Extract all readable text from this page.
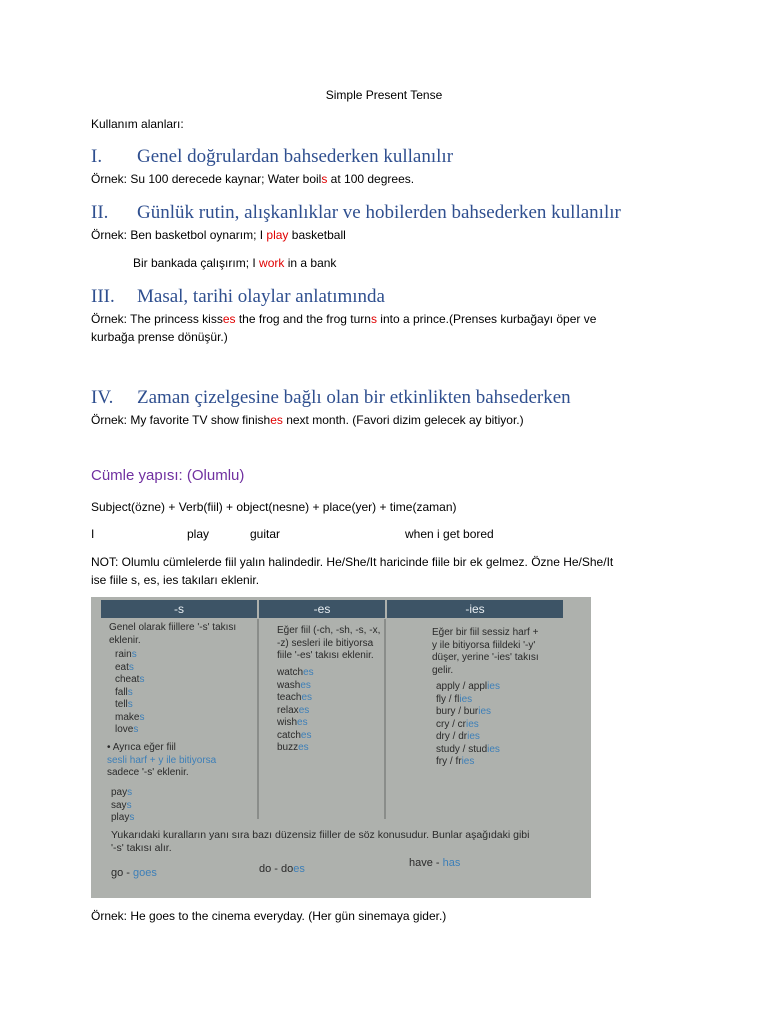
Simple Present Tense
Kullanım alanları:
I. Genel doğrulardan bahsederken kullanılır
Örnek: Su 100 derecede kaynar; Water boils at 100 degrees.
II. Günlük rutin, alışkanlıklar ve hobilerden bahsederken kullanılır
Örnek: Ben basketbol oynarım; I play basketball
Bir bankada çalışırım; I work in a bank
III. Masal, tarihi olaylar anlatımında
Örnek: The princess kisses the frog and the frog turns into a prince.(Prenses kurbağayı öper ve
kurbağa prense dönüşür.)
IV. Zaman çizelgesine bağlı olan bir etkinlikten bahsederken
Örnek: My favorite TV show finishes next month. (Favori dizim gelecek ay bitiyor.)
Cümle yapısı: (Olumlu)
Subject(özne) + Verb(fiil) + object(nesne) + place(yer) + time(zaman)
I	play	guitar	when i get bored
NOT: Olumlu cümlelerde fiil yalın halindedir. He/She/It haricinde fiile bir ek gelmez. Özne He/She/It
ise fiile s, es, ies takıları eklenir.
-s	-es	-ies
Genel olarak fiillere '-s' takısı
eklenir.
rains
eats
cheats
falls
tells
makes
loves
• Ayrıca eğer fiil
sesli harf + y ile bitiyorsa
sadece '-s' eklenir.
pays
says
plays
Eğer fiil (-ch, -sh, -s, -x,
-z) sesleri ile bitiyorsa
fiile '-es' takısı eklenir.
watches
washes
teaches
relaxes
wishes
catches
buzzes
Eğer bir fiil sessiz harf +
y ile bitiyorsa fiildeki '-y'
düşer, yerine '-ies' takısı
gelir.
apply / applies
fly / flies
bury / buries
cry / cries
dry / dries
study / studies
fry / fries
Yukarıdaki kuralların yanı sıra bazı düzensiz fiiller de söz konusudur. Bunlar aşağıdaki gibi
'-s' takısı alır.
go - goes	do - does	have - has
Örnek: He goes to the cinema everyday. (Her gün sinemaya gider.)
